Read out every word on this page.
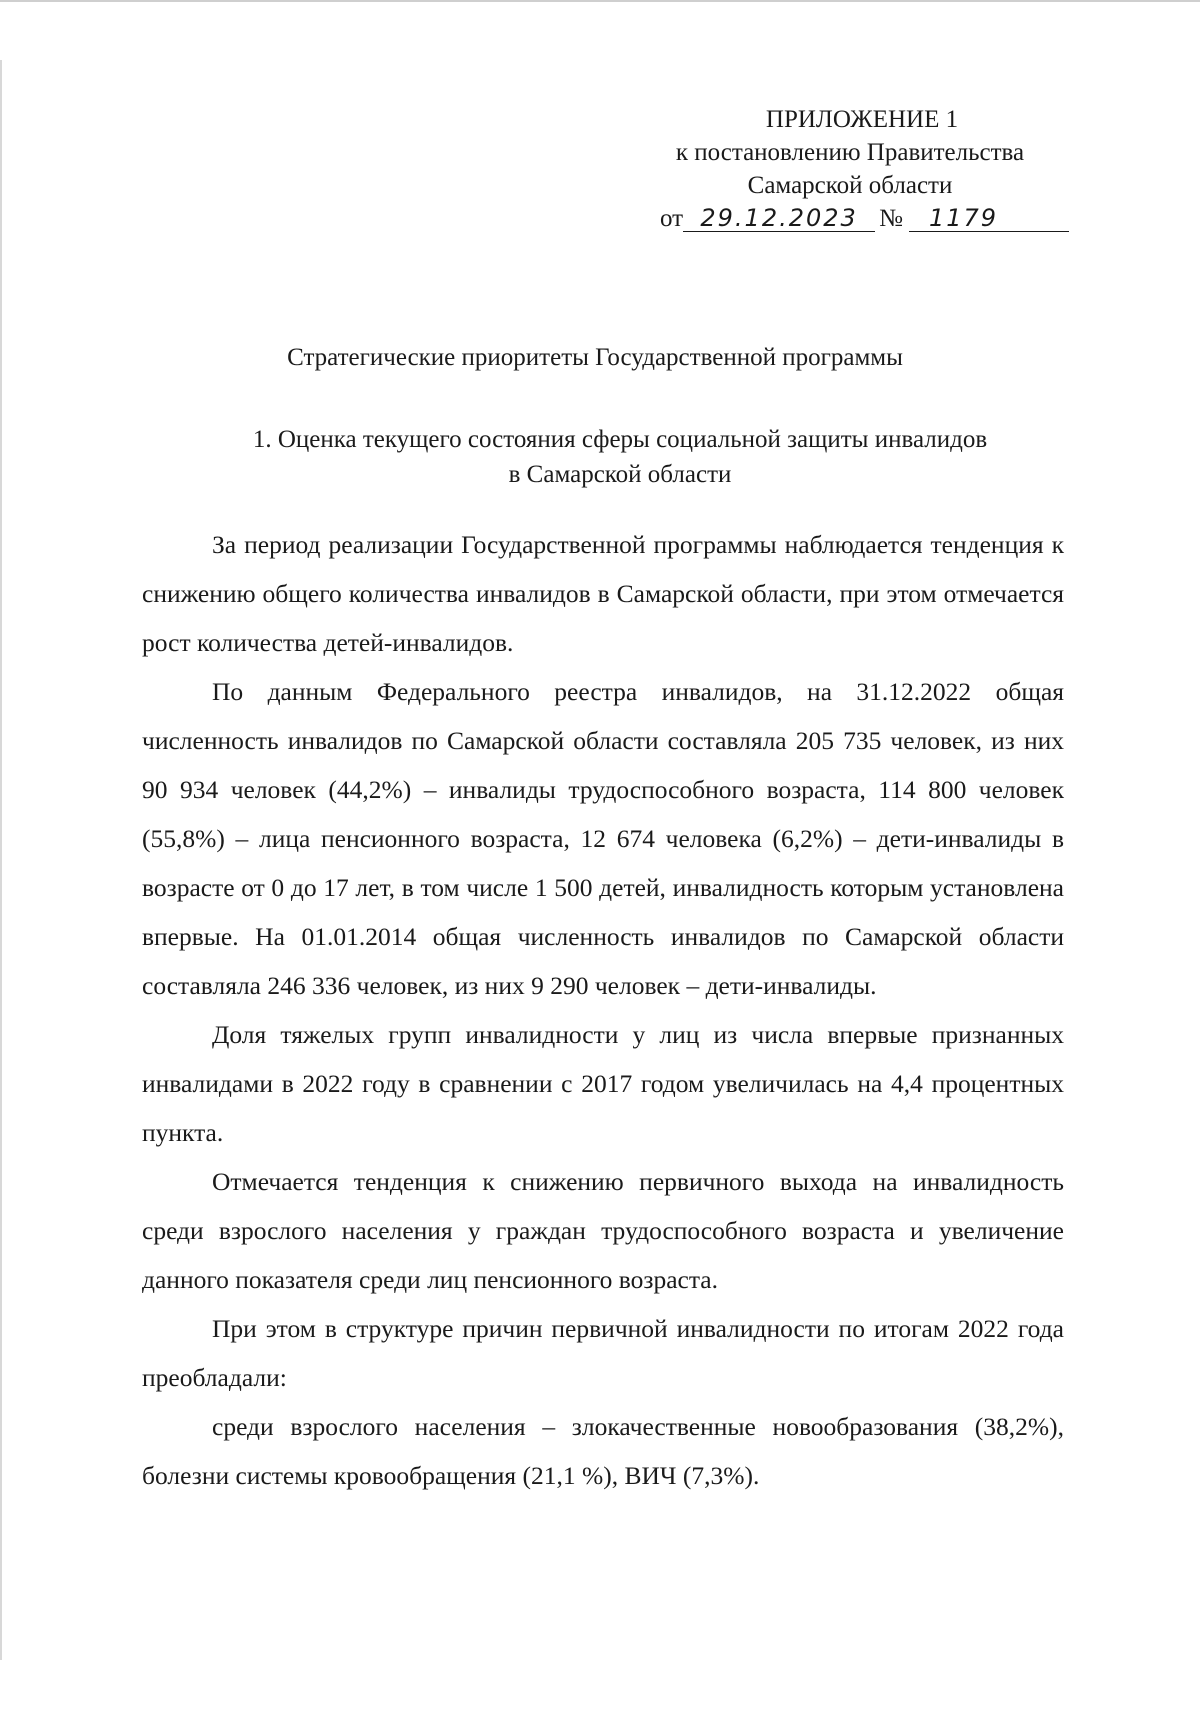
ПРИЛОЖЕНИЕ 1
к постановлению Правительства
Самарской области
от 29.12.2023 № 1179
Стратегические приоритеты Государственной программы
1. Оценка текущего состояния сферы социальной защиты инвалидов
в Самарской области

За период реализации Государственной программы наблюдается тенденция к снижению общего количества инвалидов в Самарской области, при этом отмечается рост количества детей-инвалидов.

По данным Федерального реестра инвалидов, на 31.12.2022 общая численность инвалидов по Самарской области составляла 205 735 человек, из них 90 934 человек (44,2%) – инвалиды трудоспособного возраста, 114 800 человек (55,8%) – лица пенсионного возраста, 12 674 человека (6,2%) – дети-инвалиды в возрасте от 0 до 17 лет, в том числе 1 500 детей, инвалидность которым установлена впервые. На 01.01.2014 общая численность инвалидов по Самарской области составляла 246 336 человек, из них 9 290 человек – дети-инвалиды.

Доля тяжелых групп инвалидности у лиц из числа впервые признанных инвалидами в 2022 году в сравнении с 2017 годом увеличилась на 4,4 процентных пункта.

Отмечается тенденция к снижению первичного выхода на инвалидность среди взрослого населения у граждан трудоспособного возраста и увеличение данного показателя среди лиц пенсионного возраста.

При этом в структуре причин первичной инвалидности по итогам 2022 года преобладали:

среди взрослого населения – злокачественные новообразования (38,2%), болезни системы кровообращения (21,1 %), ВИЧ (7,3%).
